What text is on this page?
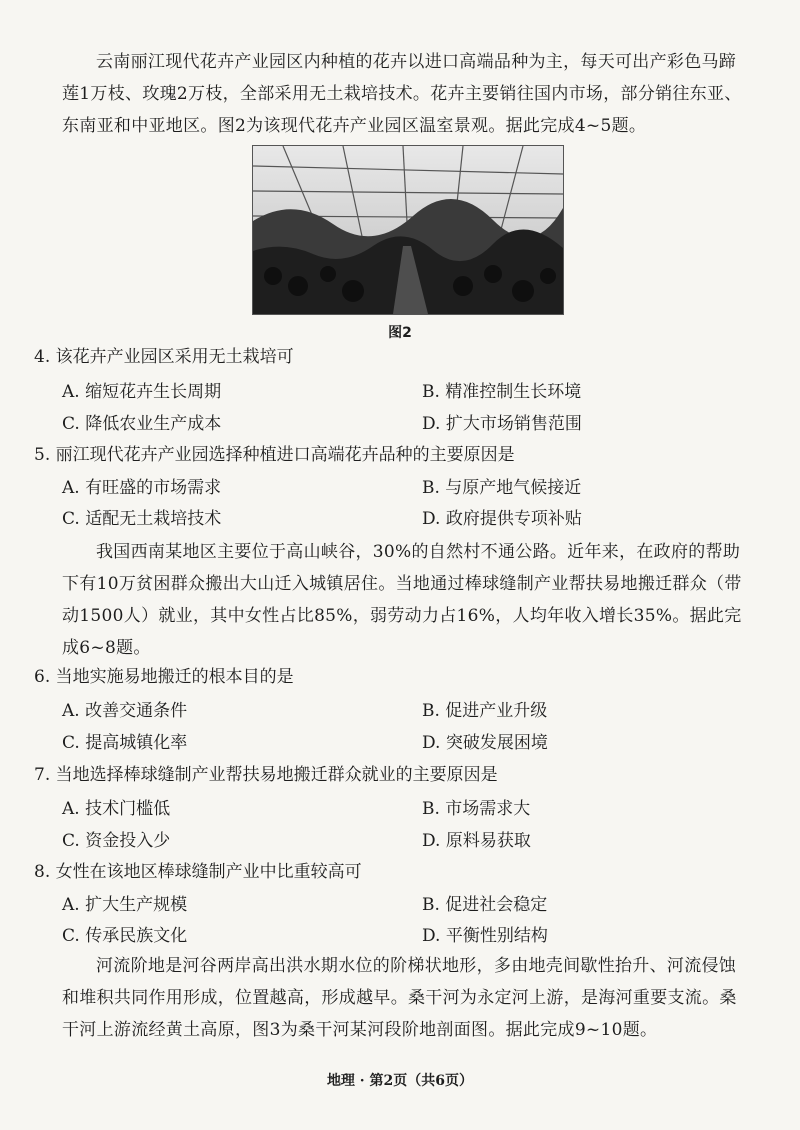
云南丽江现代花卉产业园区内种植的花卉以进口高端品种为主，每天可出产彩色马蹄莲1万枝、玫瑰2万枝，全部采用无土栽培技术。花卉主要销往国内市场，部分销往东亚、东南亚和中亚地区。图2为该现代花卉产业园区温室景观。据此完成4~5题。

图2

4. 该花卉产业园区采用无土栽培可

A. 缩短花卉生长周期	B. 精准控制生长环境

C. 降低农业生产成本	D. 扩大市场销售范围

5. 丽江现代花卉产业园选择种植进口高端花卉品种的主要原因是

A. 有旺盛的市场需求	B. 与原产地气候接近

C. 适配无土栽培技术	D. 政府提供专项补贴

我国西南某地区主要位于高山峡谷，30%的自然村不通公路。近年来，在政府的帮助下有10万贫困群众搬出大山迁入城镇居住。当地通过棒球缝制产业帮扶易地搬迁群众（带动1500人）就业，其中女性占比85%，弱劳动力占16%，人均年收入增长35%。据此完成6~8题。

6. 当地实施易地搬迁的根本目的是

A. 改善交通条件	B. 促进产业升级

C. 提高城镇化率	D. 突破发展困境

7. 当地选择棒球缝制产业帮扶易地搬迁群众就业的主要原因是

A. 技术门槛低	B. 市场需求大

C. 资金投入少	D. 原料易获取

8. 女性在该地区棒球缝制产业中比重较高可

A. 扩大生产规模	B. 促进社会稳定

C. 传承民族文化	D. 平衡性别结构

河流阶地是河谷两岸高出洪水期水位的阶梯状地形，多由地壳间歇性抬升、河流侵蚀和堆积共同作用形成，位置越高，形成越早。桑干河为永定河上游，是海河重要支流。桑干河上游流经黄土高原，图3为桑干河某河段阶地剖面图。据此完成9~10题。

地理 · 第2页（共6页）
